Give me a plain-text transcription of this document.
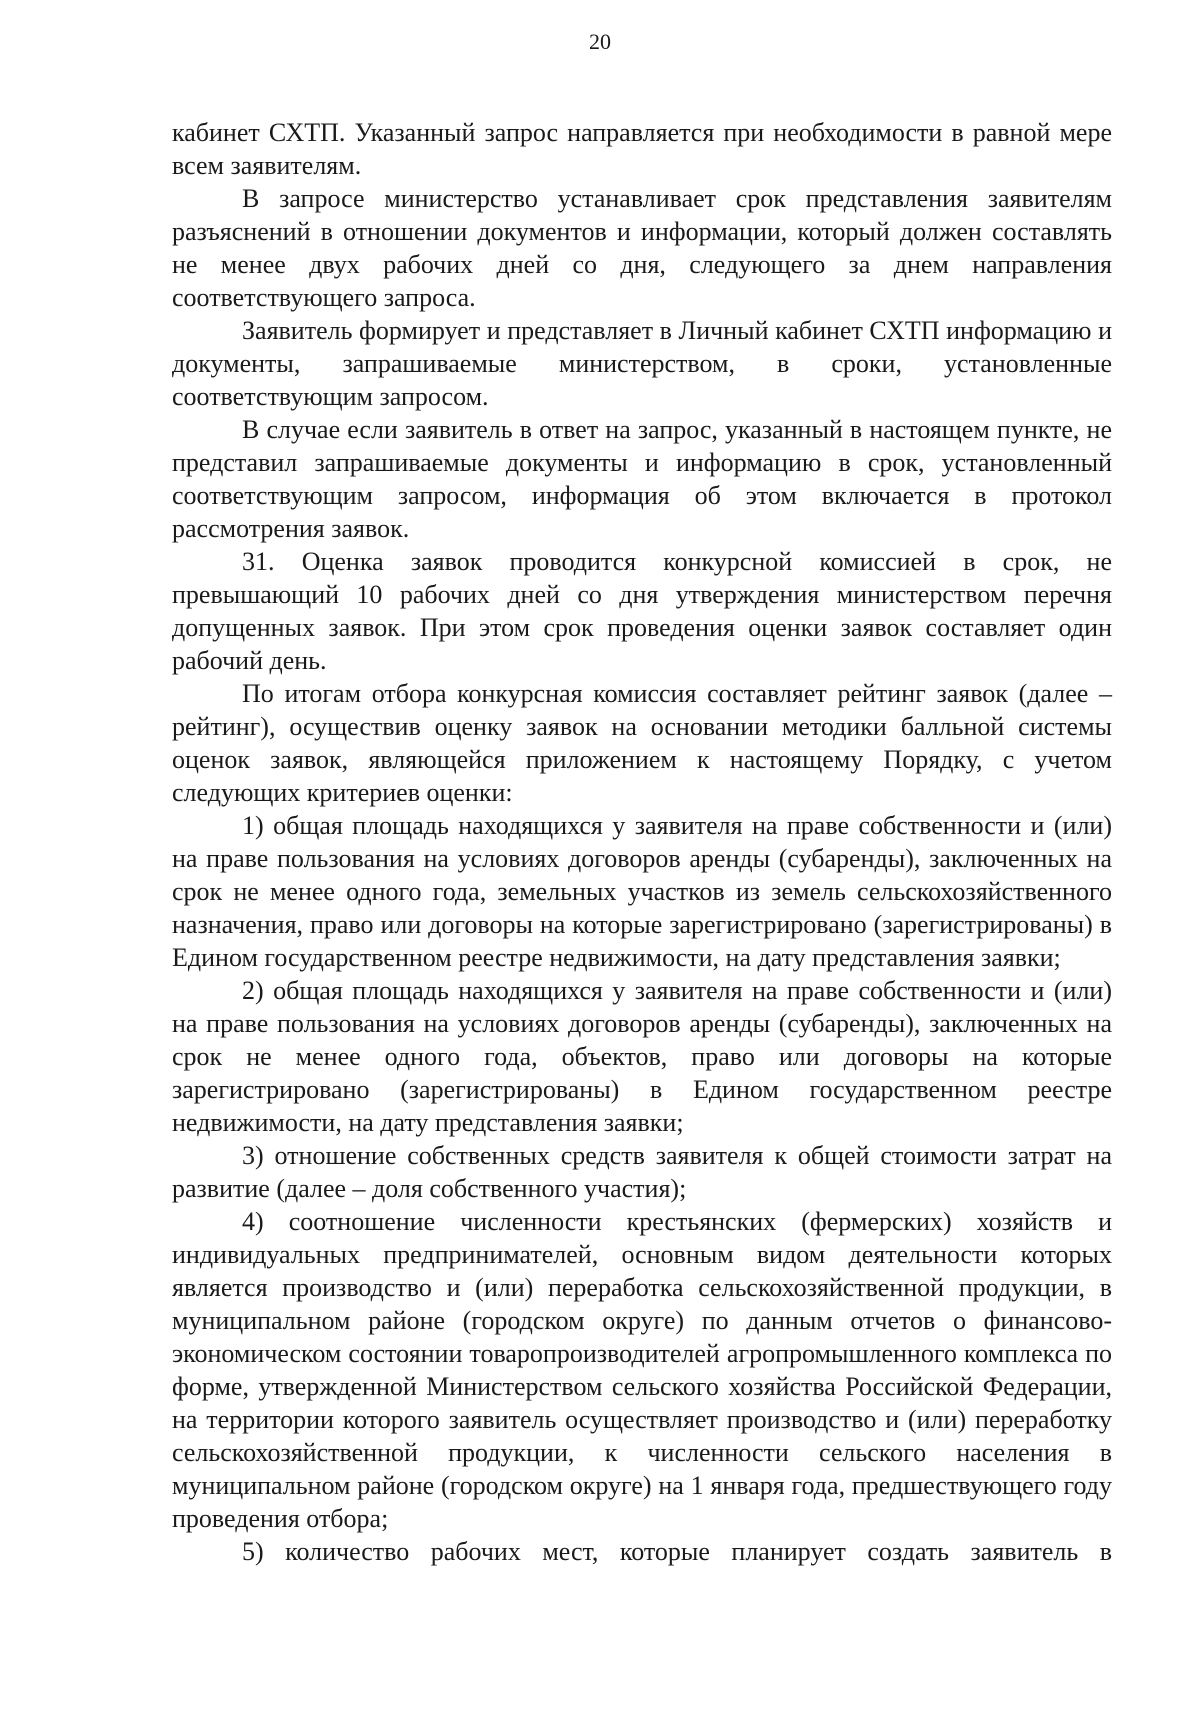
20

кабинет СХТП. Указанный запрос направляется при необходимости в равной мере всем заявителям.

В запросе министерство устанавливает срок представления заявителям разъяснений в отношении документов и информации, который должен составлять не менее двух рабочих дней со дня, следующего за днем направления соответствующего запроса.

Заявитель формирует и представляет в Личный кабинет СХТП информацию и документы, запрашиваемые министерством, в сроки, установленные соответствующим запросом.

В случае если заявитель в ответ на запрос, указанный в настоящем пункте, не представил запрашиваемые документы и информацию в срок, установленный соответствующим запросом, информация об этом включается в протокол рассмотрения заявок.

31. Оценка заявок проводится конкурсной комиссией в срок, не превышающий 10 рабочих дней со дня утверждения министерством перечня допущенных заявок. При этом срок проведения оценки заявок составляет один рабочий день.

По итогам отбора конкурсная комиссия составляет рейтинг заявок (далее – рейтинг), осуществив оценку заявок на основании методики балльной системы оценок заявок, являющейся приложением к настоящему Порядку, с учетом следующих критериев оценки:

1) общая площадь находящихся у заявителя на праве собственности и (или) на праве пользования на условиях договоров аренды (субаренды), заключенных на срок не менее одного года, земельных участков из земель сельскохозяйственного назначения, право или договоры на которые зарегистрировано (зарегистрированы) в Едином государственном реестре недвижимости, на дату представления заявки;

2) общая площадь находящихся у заявителя на праве собственности и (или) на праве пользования на условиях договоров аренды (субаренды), заключенных на срок не менее одного года, объектов, право или договоры на которые зарегистрировано (зарегистрированы) в Едином государственном реестре недвижимости, на дату представления заявки;

3) отношение собственных средств заявителя к общей стоимости затрат на развитие (далее – доля собственного участия);

4) соотношение численности крестьянских (фермерских) хозяйств и индивидуальных предпринимателей, основным видом деятельности которых является производство и (или) переработка сельскохозяйственной продукции, в муниципальном районе (городском округе) по данным отчетов о финансово-экономическом состоянии товаропроизводителей агропромышленного комплекса по форме, утвержденной Министерством сельского хозяйства Российской Федерации, на территории которого заявитель осуществляет производство и (или) переработку сельскохозяйственной продукции, к численности сельского населения в муниципальном районе (городском округе) на 1 января года, предшествующего году проведения отбора;

5) количество рабочих мест, которые планирует создать заявитель в
